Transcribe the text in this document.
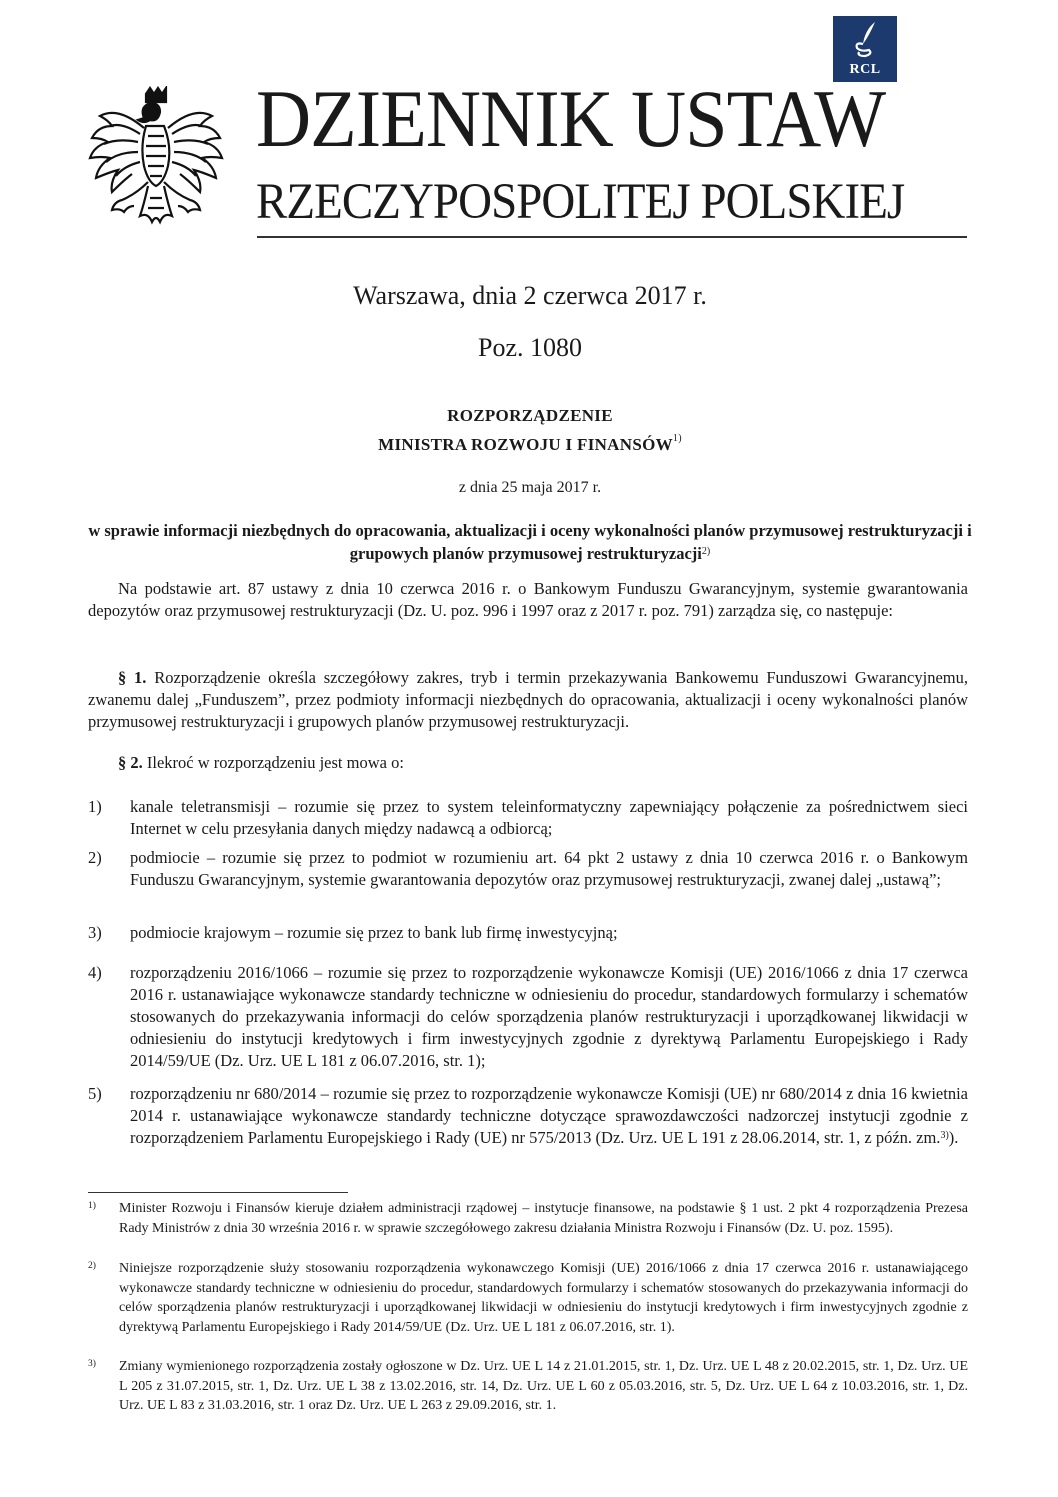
RCL
DZIENNIK USTAW
RZECZYPOSPOLITEJ POLSKIEJ
Warszawa, dnia 2 czerwca 2017 r.
Poz. 1080
ROZPORZĄDZENIE
MINISTRA ROZWOJU I FINANSÓW$^{1)}$
z dnia 25 maja 2017 r.
w sprawie informacji niezbędnych do opracowania, aktualizacji i oceny wykonalności planów przymusowej restrukturyzacji i grupowych planów przymusowej restrukturyzacji$^{2)}$
Na podstawie art. 87 ustawy z dnia 10 czerwca 2016 r. o Bankowym Funduszu Gwarancyjnym, systemie gwarantowania depozytów oraz przymusowej restrukturyzacji (Dz. U. poz. 996 i 1997 oraz z 2017 r. poz. 791) zarządza się, co następuje:
§ 1. Rozporządzenie określa szczegółowy zakres, tryb i termin przekazywania Bankowemu Funduszowi Gwarancyjnemu, zwanemu dalej „Funduszem”, przez podmioty informacji niezbędnych do opracowania, aktualizacji i oceny wykonalności planów przymusowej restrukturyzacji i grupowych planów przymusowej restrukturyzacji.
§ 2. Ilekroć w rozporządzeniu jest mowa o:
1) kanale teletransmisji – rozumie się przez to system teleinformatyczny zapewniający połączenie za pośrednictwem sieci Internet w celu przesyłania danych między nadawcą a odbiorcą;
2) podmiocie – rozumie się przez to podmiot w rozumieniu art. 64 pkt 2 ustawy z dnia 10 czerwca 2016 r. o Bankowym Funduszu Gwarancyjnym, systemie gwarantowania depozytów oraz przymusowej restrukturyzacji, zwanej dalej „ustawą”;
3) podmiocie krajowym – rozumie się przez to bank lub firmę inwestycyjną;
4) rozporządzeniu 2016/1066 – rozumie się przez to rozporządzenie wykonawcze Komisji (UE) 2016/1066 z dnia 17 czerwca 2016 r. ustanawiające wykonawcze standardy techniczne w odniesieniu do procedur, standardowych formularzy i schematów stosowanych do przekazywania informacji do celów sporządzenia planów restrukturyzacji i uporządkowanej likwidacji w odniesieniu do instytucji kredytowych i firm inwestycyjnych zgodnie z dyrektywą Parlamentu Europejskiego i Rady 2014/59/UE (Dz. Urz. UE L 181 z 06.07.2016, str. 1);
5) rozporządzeniu nr 680/2014 – rozumie się przez to rozporządzenie wykonawcze Komisji (UE) nr 680/2014 z dnia 16 kwietnia 2014 r. ustanawiające wykonawcze standardy techniczne dotyczące sprawozdawczości nadzorczej instytucji zgodnie z rozporządzeniem Parlamentu Europejskiego i Rady (UE) nr 575/2013 (Dz. Urz. UE L 191 z 28.06.2014, str. 1, z późn. zm.$^{3)}$).
1) Minister Rozwoju i Finansów kieruje działem administracji rządowej – instytucje finansowe, na podstawie § 1 ust. 2 pkt 4 rozporządzenia Prezesa Rady Ministrów z dnia 30 września 2016 r. w sprawie szczegółowego zakresu działania Ministra Rozwoju i Finansów (Dz. U. poz. 1595).
2) Niniejsze rozporządzenie służy stosowaniu rozporządzenia wykonawczego Komisji (UE) 2016/1066 z dnia 17 czerwca 2016 r. ustanawiającego wykonawcze standardy techniczne w odniesieniu do procedur, standardowych formularzy i schematów stosowanych do przekazywania informacji do celów sporządzenia planów restrukturyzacji i uporządkowanej likwidacji w odniesieniu do instytucji kredytowych i firm inwestycyjnych zgodnie z dyrektywą Parlamentu Europejskiego i Rady 2014/59/UE (Dz. Urz. UE L 181 z 06.07.2016, str. 1).
3) Zmiany wymienionego rozporządzenia zostały ogłoszone w Dz. Urz. UE L 14 z 21.01.2015, str. 1, Dz. Urz. UE L 48 z 20.02.2015, str. 1, Dz. Urz. UE L 205 z 31.07.2015, str. 1, Dz. Urz. UE L 38 z 13.02.2016, str. 14, Dz. Urz. UE L 60 z 05.03.2016, str. 5, Dz. Urz. UE L 64 z 10.03.2016, str. 1, Dz. Urz. UE L 83 z 31.03.2016, str. 1 oraz Dz. Urz. UE L 263 z 29.09.2016, str. 1.
